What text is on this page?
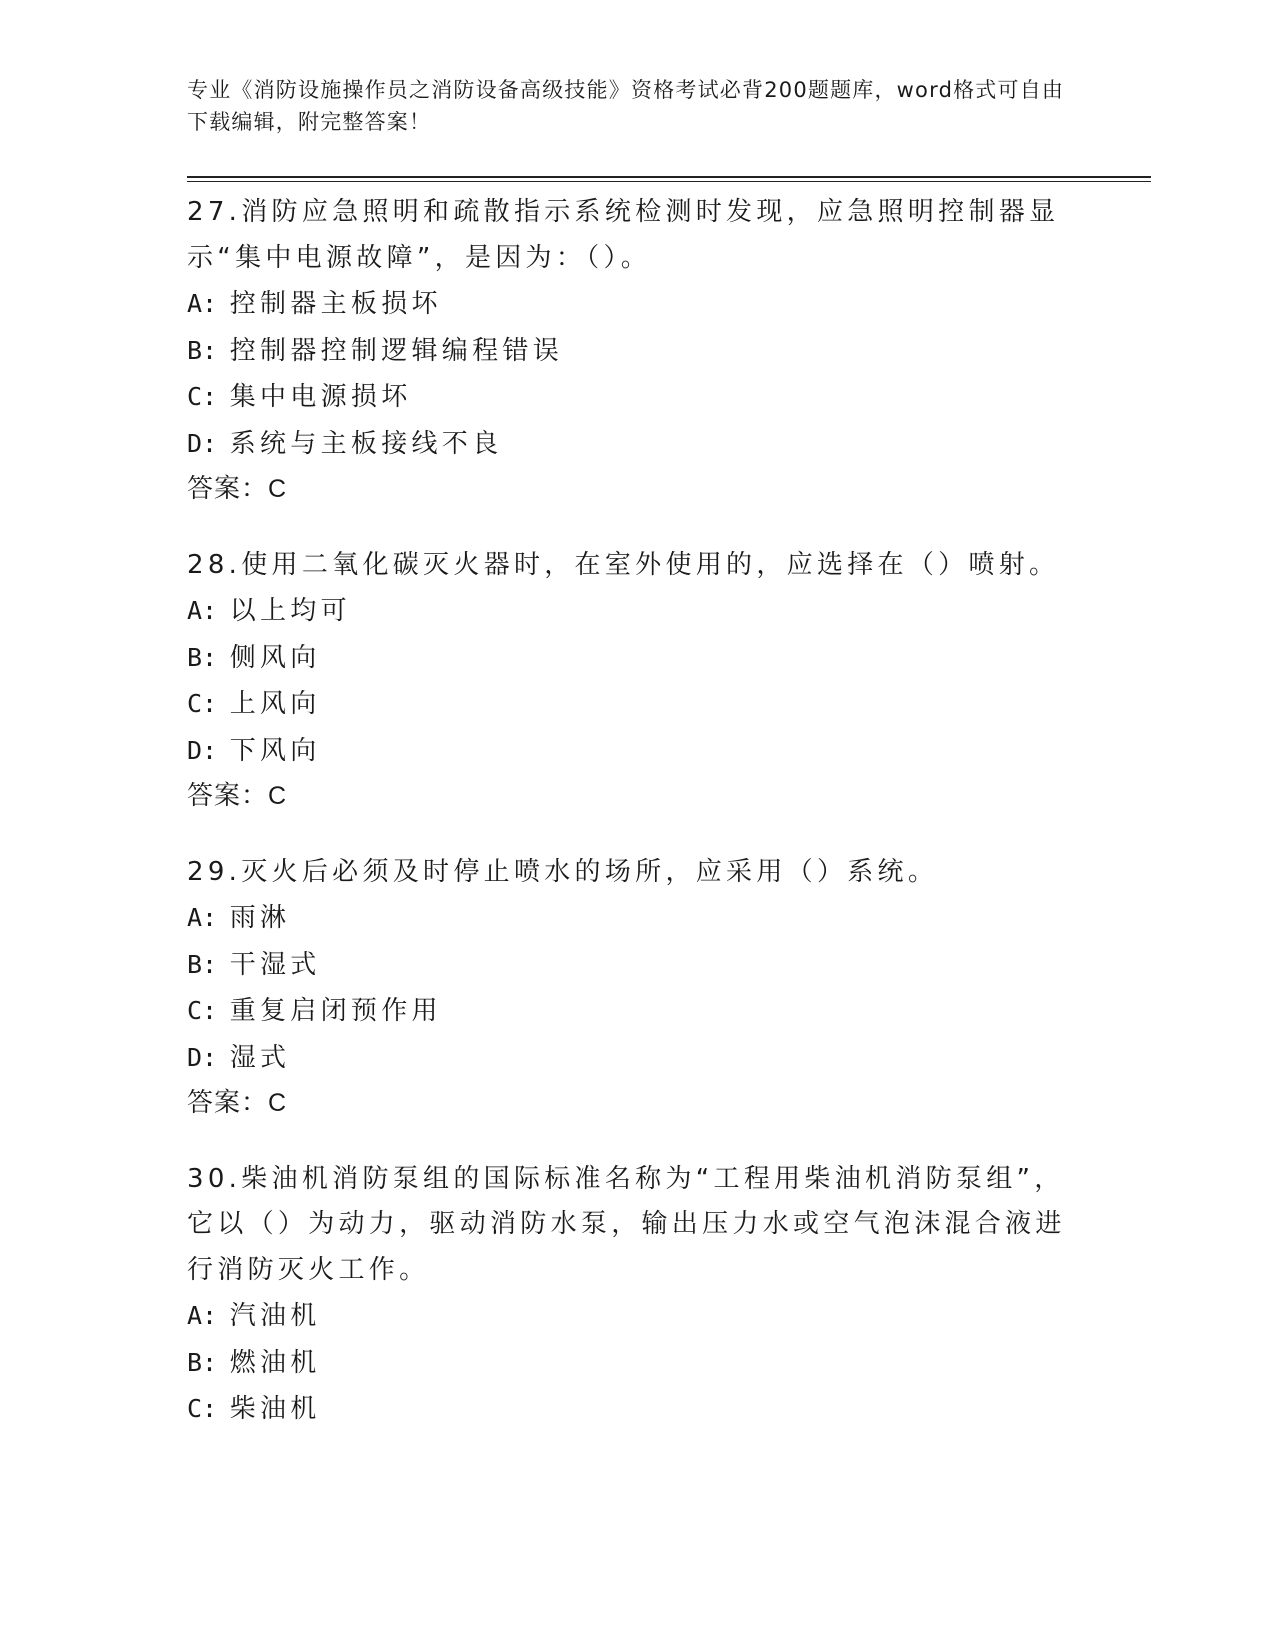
专业《消防设施操作员之消防设备高级技能》资格考试必背200题题库，word格式可自由下载编辑，附完整答案！

27.消防应急照明和疏散指示系统检测时发现，应急照明控制器显示“集中电源故障”，是因为：（）。

A: 控制器主板损坏
B: 控制器控制逻辑编程错误
C: 集中电源损坏
D: 系统与主板接线不良

答案：C

28.使用二氧化碳灭火器时，在室外使用的，应选择在（）喷射。

A: 以上均可
B: 侧风向
C: 上风向
D: 下风向

答案：C

29.灭火后必须及时停止喷水的场所，应采用（）系统。

A: 雨淋
B: 干湿式
C: 重复启闭预作用
D: 湿式

答案：C

30.柴油机消防泵组的国际标准名称为“工程用柴油机消防泵组”，它以（）为动力，驱动消防水泵，输出压力水或空气泡沫混合液进行消防灭火工作。

A: 汽油机
B: 燃油机
C: 柴油机
